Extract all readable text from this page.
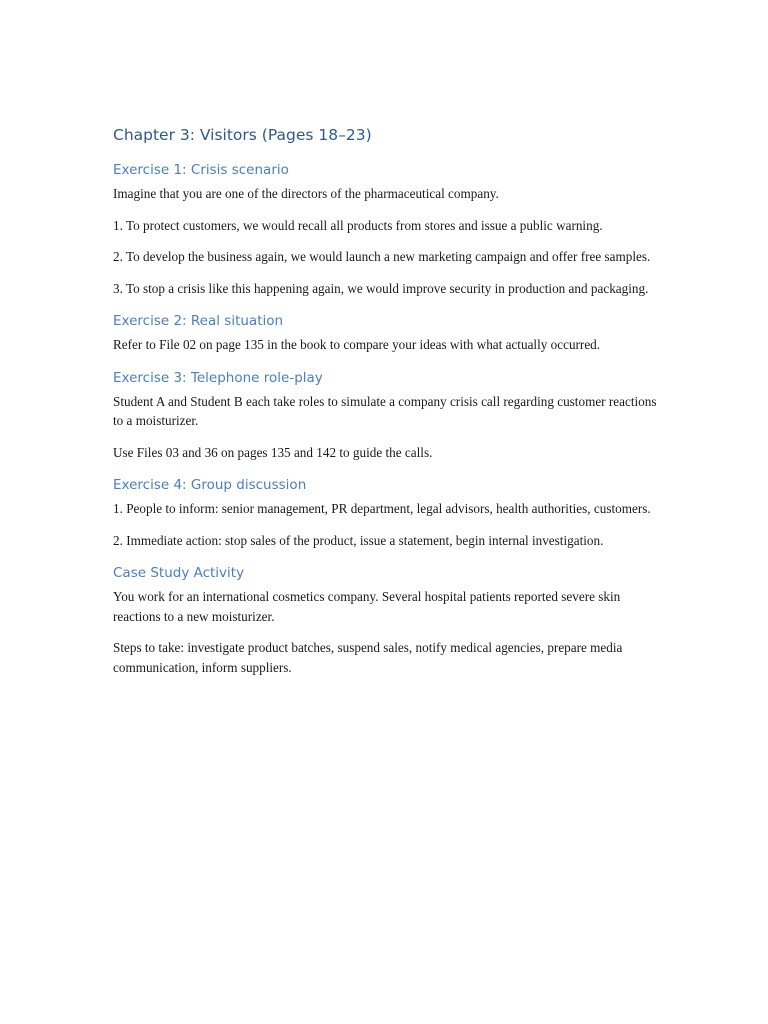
Chapter 3: Visitors (Pages 18–23)
Exercise 1: Crisis scenario

Imagine that you are one of the directors of the pharmaceutical company.

1. To protect customers, we would recall all products from stores and issue a public warning.

2. To develop the business again, we would launch a new marketing campaign and offer free samples.

3. To stop a crisis like this happening again, we would improve security in production and packaging.

Exercise 2: Real situation

Refer to File 02 on page 135 in the book to compare your ideas with what actually occurred.

Exercise 3: Telephone role-play

Student A and Student B each take roles to simulate a company crisis call regarding customer reactions to a moisturizer.

Use Files 03 and 36 on pages 135 and 142 to guide the calls.

Exercise 4: Group discussion

1. People to inform: senior management, PR department, legal advisors, health authorities, customers.

2. Immediate action: stop sales of the product, issue a statement, begin internal investigation.

Case Study Activity

You work for an international cosmetics company. Several hospital patients reported severe skin reactions to a new moisturizer.

Steps to take: investigate product batches, suspend sales, notify medical agencies, prepare media communication, inform suppliers.
